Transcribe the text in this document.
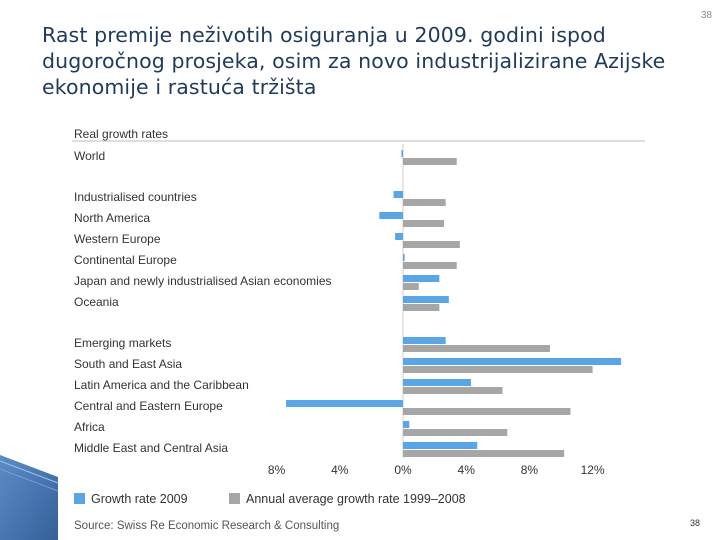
Rast premije neživotih osiguranja u 2009. godini ispod dugoročnog prosjeka, osim za novo industrijalizirane Azijske ekonomije i rastuća tržišta
38
Real growth rates
World
Industrialised countries
North America
Western Europe
Continental Europe
Japan and newly industrialised Asian economies
Oceania
Emerging markets
South and East Asia
Latin America and the Caribbean
Central and Eastern Europe
Africa
Middle East and Central Asia
8%	4%	0%	4%	8%	12%
Growth rate 2009	Annual average growth rate 1999–2008
Source: Swiss Re Economic Research & Consulting	38
